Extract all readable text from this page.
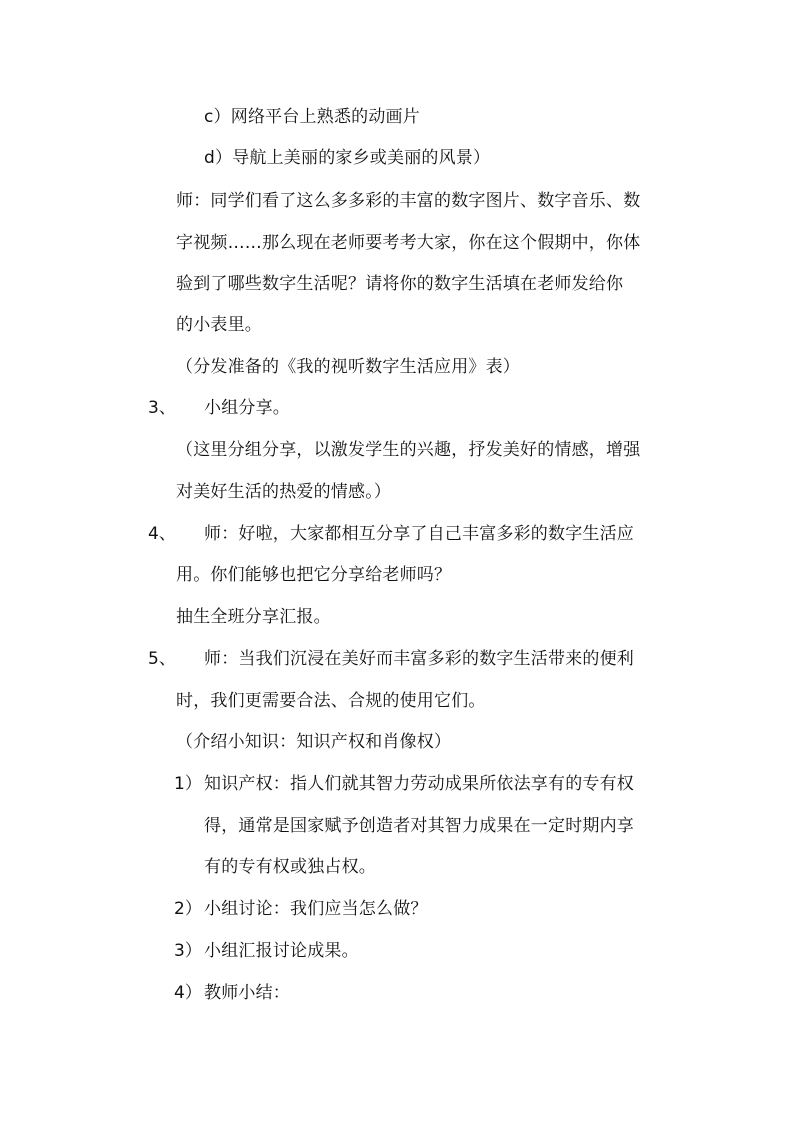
c）网络平台上熟悉的动画片
d）导航上美丽的家乡或美丽的风景）
师：同学们看了这么多多彩的丰富的数字图片、数字音乐、数
字视频……那么现在老师要考考大家，你在这个假期中，你体
验到了哪些数字生活呢？请将你的数字生活填在老师发给你
的小表里。
（分发准备的《我的视听数字生活应用》表）
3、 小组分享。
（这里分组分享，以激发学生的兴趣，抒发美好的情感，增强
对美好生活的热爱的情感。）
4、 师：好啦，大家都相互分享了自己丰富多彩的数字生活应
用。你们能够也把它分享给老师吗？
抽生全班分享汇报。
5、 师：当我们沉浸在美好而丰富多彩的数字生活带来的便利
时，我们更需要合法、合规的使用它们。
（介绍小知识：知识产权和肖像权）
1） 知识产权：指人们就其智力劳动成果所依法享有的专有权
得，通常是国家赋予创造者对其智力成果在一定时期内享
有的专有权或独占权。
2） 小组讨论：我们应当怎么做？
3） 小组汇报讨论成果。
4） 教师小结：
